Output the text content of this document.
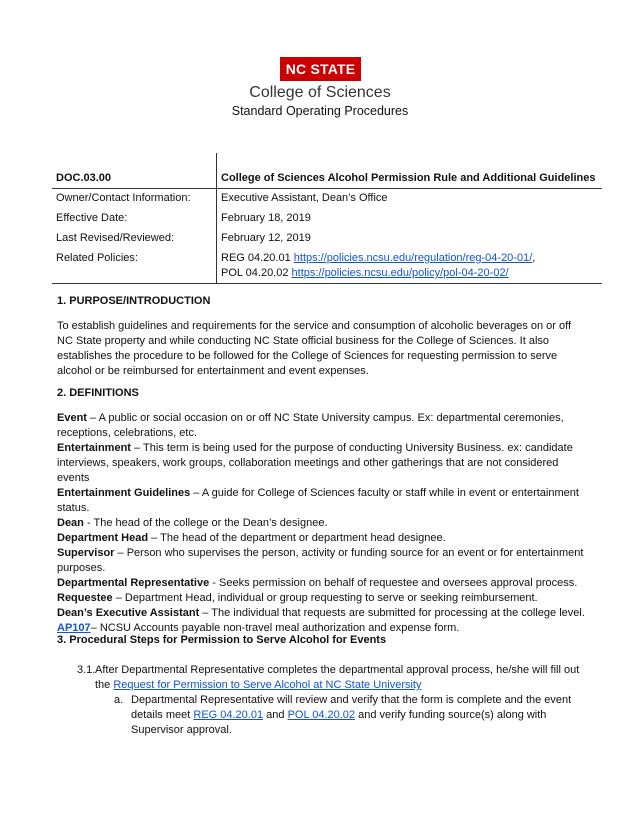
NC STATE
College of Sciences
Standard Operating Procedures
DOC.03.00	College of Sciences Alcohol Permission Rule and Additional Guidelines
Owner/Contact Information:	Executive Assistant, Dean’s Office
Effective Date:	February 18, 2019
Last Revised/Reviewed:	February 12, 2019
Related Policies:	REG 04.20.01 https://policies.ncsu.edu/regulation/reg-04-20-01/,
POL 04.20.02 https://policies.ncsu.edu/policy/pol-04-20-02/

1. PURPOSE/INTRODUCTION

To establish guidelines and requirements for the service and consumption of alcoholic beverages on or off NC State property and while conducting NC State official business for the College of Sciences. It also establishes the procedure to be followed for the College of Sciences for requesting permission to serve alcohol or be reimbursed for entertainment and event expenses.

2. DEFINITIONS

Event – A public or social occasion on or off NC State University campus. Ex: departmental ceremonies, receptions, celebrations, etc.

Entertainment – This term is being used for the purpose of conducting University Business. ex: candidate interviews, speakers, work groups, collaboration meetings and other gatherings that are not considered events

Entertainment Guidelines – A guide for College of Sciences faculty or staff while in event or entertainment status.

Dean - The head of the college or the Dean’s designee.

Department Head – The head of the department or department head designee.

Supervisor – Person who supervises the person, activity or funding source for an event or for entertainment purposes.

Departmental Representative - Seeks permission on behalf of requestee and oversees approval process.

Requestee – Department Head, individual or group requesting to serve or seeking reimbursement.

Dean’s Executive Assistant – The individual that requests are submitted for processing at the college level.

AP107– NCSU Accounts payable non-travel meal authorization and expense form.

3. Procedural Steps for Permission to Serve Alcohol for Events

3.1. After Departmental Representative completes the departmental approval process, he/she will fill out the Request for Permission to Serve Alcohol at NC State University
a. Departmental Representative will review and verify that the form is complete and the event details meet REG 04.20.01 and POL 04.20.02 and verify funding source(s) along with Supervisor approval.
